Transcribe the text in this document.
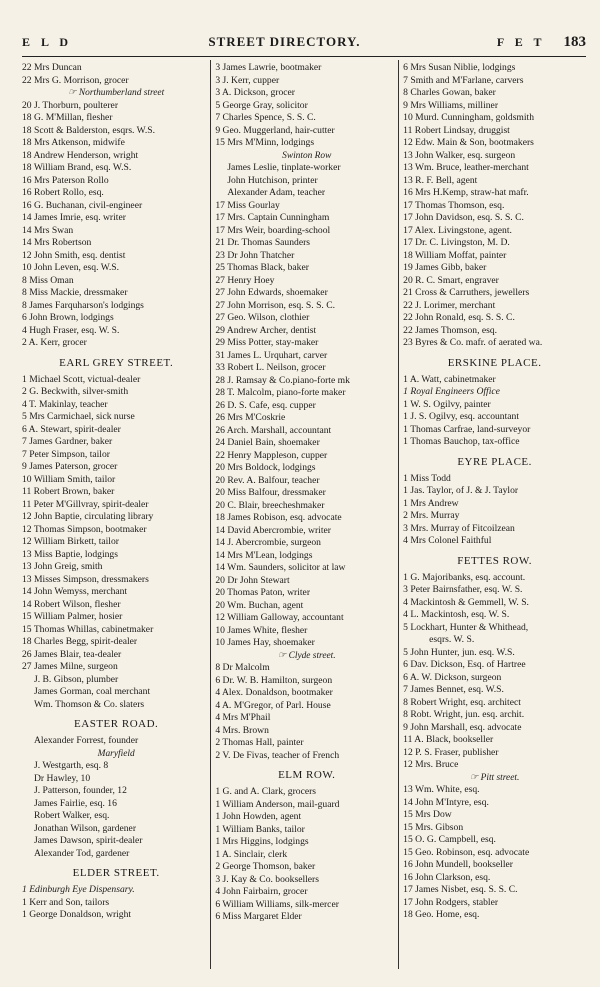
E L D	STREET DIRECTORY.	F E T 183
22 Mrs Duncan
22 Mrs G. Morrison, grocer
☞ Northumberland street
20 J. Thorburn, poulterer
18 G. M'Millan, flesher
18 Scott & Balderston, esqrs. W.S.
18 Mrs Atkenson, midwife
18 Andrew Henderson, wright
18 William Brand, esq. W.S.
16 Mrs Paterson Rollo
16 Robert Rollo, esq.
16 G. Buchanan, civil-engineer
14 James Imrie, esq. writer
14 Mrs Swan
14 Mrs Robertson
12 John Smith, esq. dentist
10 John Leven, esq. W.S.
8 Miss Oman
8 Miss Mackie, dressmaker
8 James Farquharson's lodgings
6 John Brown, lodgings
4 Hugh Fraser, esq. W. S.
2 A. Kerr, grocer
EARL GREY STREET.
1 Michael Scott, victual-dealer
2 G. Beckwith, silver-smith
4 T. Makinlay, teacher
5 Mrs Carmichael, sick nurse
6 A. Stewart, spirit-dealer
7 James Gardner, baker
7 Peter Simpson, tailor
9 James Paterson, grocer
10 William Smith, tailor
11 Robert Brown, baker
11 Peter M'Gillvray, spirit-dealer
12 John Baptie, circulating library
12 Thomas Simpson, bootmaker
12 William Birkett, tailor
13 Miss Baptie, lodgings
13 John Greig, smith
13 Misses Simpson, dressmakers
14 John Wemyss, merchant
14 Robert Wilson, flesher
15 William Palmer, hosier
15 Thomas Whillas, cabinetmaker
18 Charles Begg, spirit-dealer
26 James Blair, tea-dealer
27 James Milne, surgeon
J. B. Gibson, plumber
James Gorman, coal merchant
Wm. Thomson & Co. slaters
EASTER ROAD.
Alexander Forrest, founder
Maryfield
J. Westgarth, esq. 8
Dr Hawley, 10
J. Patterson, founder, 12
James Fairlie, esq. 16
Robert Walker, esq.
Jonathan Wilson, gardener
James Dawson, spirit-dealer
Alexander Tod, gardener
ELDER STREET.
1 Edinburgh Eye Dispensary.
1 Kerr and Son, tailors
1 George Donaldson, wright
3 James Lawrie, bootmaker
3 J. Kerr, cupper
3 A. Dickson, grocer
5 George Gray, solicitor
7 Charles Spence, S. S. C.
9 Geo. Muggerland, hair-cutter
15 Mrs M'Minn, lodgings
Swinton Row
James Leslie, tinplate-worker
John Hutchison, printer
Alexander Adam, teacher
17 Miss Gourlay
17 Mrs. Captain Cunningham
17 Mrs Weir, boarding-school
21 Dr. Thomas Saunders
23 Dr John Thatcher
25 Thomas Black, baker
27 Henry Hoey
27 John Edwards, shoemaker
27 John Morrison, esq. S. S. C.
27 Geo. Wilson, clothier
29 Andrew Archer, dentist
29 Miss Potter, stay-maker
31 James L. Urquhart, carver
33 Robert L. Neilson, grocer
28 J. Ramsay & Co.piano-forte mk
28 T. Malcolm, piano-forte maker
26 D. S. Cafe, esq. cupper
26 Mrs M'Coskrie
26 Arch. Marshall, accountant
24 Daniel Bain, shoemaker
22 Henry Mappleson, cupper
20 Mrs Boldock, lodgings
20 Rev. A. Balfour, teacher
20 Miss Balfour, dressmaker
20 C. Blair, breecheshmaker
18 James Robison, esq. advocate
14 David Abercrombie, writer
14 J. Abercrombie, surgeon
14 Mrs M'Lean, lodgings
14 Wm. Saunders, solicitor at law
20 Dr John Stewart
20 Thomas Paton, writer
20 Wm. Buchan, agent
12 William Galloway, accountant
10 James White, flesher
10 James Hay, shoemaker
☞ Clyde street.
8 Dr Malcolm
6 Dr. W. B. Hamilton, surgeon
4 Alex. Donaldson, bootmaker
4 A. M'Gregor, of Parl. House
4 Mrs M'Phail
4 Mrs. Brown
2 Thomas Hall, painter
2 V. De Fivas, teacher of French
ELM ROW.
1 G. and A. Clark, grocers
1 William Anderson, mail-guard
1 John Howden, agent
1 William Banks, tailor
1 Mrs Higgins, lodgings
1 A. Sinclair, clerk
2 George Thomson, baker
3 J. Kay & Co. booksellers
4 John Fairbairn, grocer
6 William Williams, silk-mercer
6 Miss Margaret Elder
6 Mrs Susan Niblie, lodgings
7 Smith and M'Farlane, carvers
8 Charles Gowan, baker
9 Mrs Williams, milliner
10 Murd. Cunningham, goldsmith
11 Robert Lindsay, druggist
12 Edw. Main & Son, bootmakers
13 John Walker, esq. surgeon
13 Wm. Bruce, leather-merchant
13 R. F. Bell, agent
16 Mrs H.Kemp, straw-hat mafr.
17 Thomas Thomson, esq.
17 John Davidson, esq. S. S. C.
17 Alex. Livingstone, agent.
17 Dr. C. Livingston, M. D.
18 William Moffat, painter
19 James Gibb, baker
20 R. C. Smart, engraver
21 Cross & Carruthers, jewellers
22 J. Lorimer, merchant
22 John Ronald, esq. S. S. C.
22 James Thomson, esq.
23 Byres & Co. mafr. of aerated wa.
ERSKINE PLACE.
1 A. Watt, cabinetmaker
1 Royal Engineers Office
1 W. S. Ogilvy, painter
1 J. S. Ogilvy, esq. accountant
1 Thomas Carfrae, land-surveyor
1 Thomas Bauchop, tax-office
EYRE PLACE.
1 Miss Todd
1 Jas. Taylor, of J. & J. Taylor
1 Mrs Andrew
2 Mrs. Murray
3 Mrs. Murray of Fitcoilzean
4 Mrs Colonel Faithful
FETTES ROW.
1 G. Majoribanks, esq. account.
3 Peter Bairnsfather, esq. W. S.
4 Mackintosh & Gemmell, W. S.
4 L. Mackintosh, esq. W. S.
5 Lockhart, Hunter & Whithead,
esqrs. W. S.
5 John Hunter, jun. esq. W.S.
6 Dav. Dickson, Esq. of Hartree
6 A. W. Dickson, surgeon
7 James Bennet, esq. W.S.
8 Robert Wright, esq. architect
8 Robt. Wright, jun. esq. archit.
9 John Marshall, esq. advocate
11 A. Black, bookseller
12 P. S. Fraser, publisher
12 Mrs. Bruce
☞ Pitt street.
13 Wm. White, esq.
14 John M'Intyre, esq.
15 Mrs Dow
15 Mrs. Gibson
15 O. G. Campbell, esq.
15 Geo. Robinson, esq. advocate
16 John Mundell, bookseller
16 John Clarkson, esq.
17 James Nisbet, esq. S. S. C.
17 John Rodgers, stabler
18 Geo. Home, esq.
